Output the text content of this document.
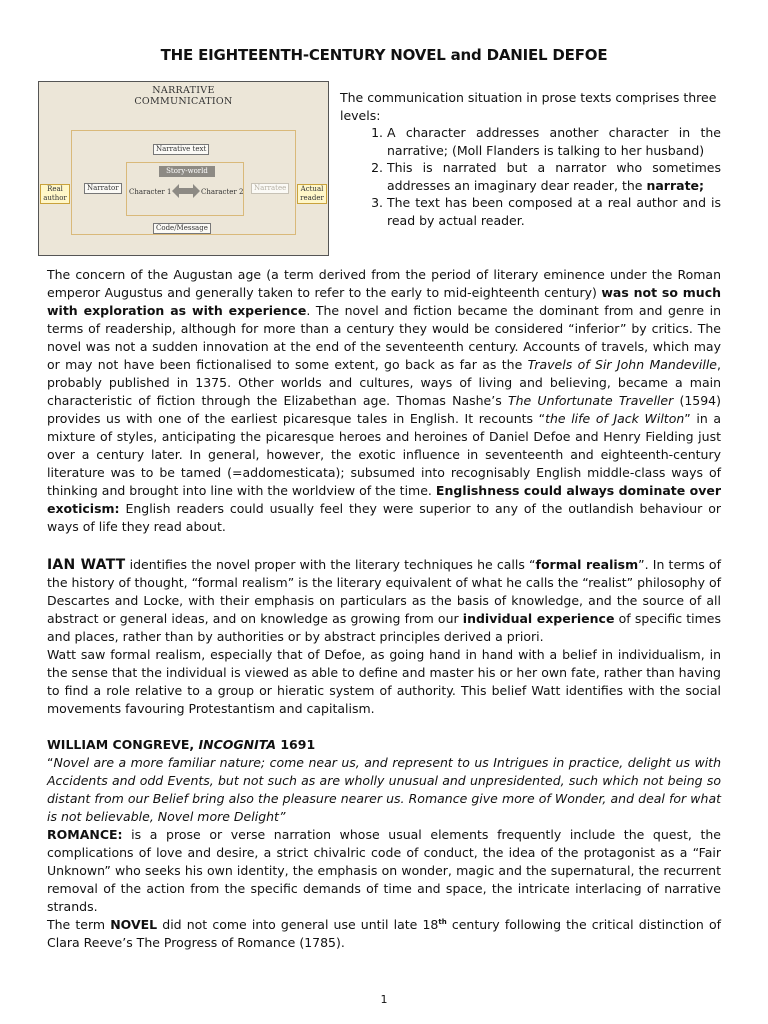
THE EIGHTEENTH-CENTURY NOVEL and DANIEL DEFOE
NARRATIVE
COMMUNICATION
Narrative text
Story-world
Character 1	Character 2
Narrator	Narratee
Real
author
Actual
reader
Code/Message

The communication situation in prose texts comprises three levels:

1. A character addresses another character in the narrative; (Moll Flanders is talking to her husband)
2. This is narrated but a narrator who sometimes addresses an imaginary dear reader, the narrate;
3. The text has been composed at a real author and is read by actual reader.

The concern of the Augustan age (a term derived from the period of literary eminence under the Roman emperor Augustus and generally taken to refer to the early to mid-eighteenth century) was not so much with exploration as with experience. The novel and fiction became the dominant from and genre in terms of readership, although for more than a century they would be considered “inferior” by critics. The novel was not a sudden innovation at the end of the seventeenth century. Accounts of travels, which may or may not have been fictionalised to some extent, go back as far as the Travels of Sir John Mandeville, probably published in 1375. Other worlds and cultures, ways of living and believing, became a main characteristic of fiction through the Elizabethan age. Thomas Nashe’s The Unfortunate Traveller (1594) provides us with one of the earliest picaresque tales in English. It recounts “the life of Jack Wilton” in a mixture of styles, anticipating the picaresque heroes and heroines of Daniel Defoe and Henry Fielding just over a century later. In general, however, the exotic influence in seventeenth and eighteenth-century literature was to be tamed (=addomesticata); subsumed into recognisably English middle-class ways of thinking and brought into line with the worldview of the time. Englishness could always dominate over exoticism: English readers could usually feel they were superior to any of the outlandish behaviour or ways of life they read about.

IAN WATT identifies the novel proper with the literary techniques he calls “formal realism”. In terms of the history of thought, “formal realism” is the literary equivalent of what he calls the “realist” philosophy of Descartes and Locke, with their emphasis on particulars as the basis of knowledge, and the source of all abstract or general ideas, and on knowledge as growing from our individual experience of specific times and places, rather than by authorities or by abstract principles derived a priori.

Watt saw formal realism, especially that of Defoe, as going hand in hand with a belief in individualism, in the sense that the individual is viewed as able to define and master his or her own fate, rather than having to find a role relative to a group or hieratic system of authority. This belief Watt identifies with the social movements favouring Protestantism and capitalism.

WILLIAM CONGREVE, INCOGNITA 1691

“Novel are a more familiar nature; come near us, and represent to us Intrigues in practice, delight us with Accidents and odd Events, but not such as are wholly unusual and unpresidented, such which not being so distant from our Belief bring also the pleasure nearer us. Romance give more of Wonder, and deal for what is not believable, Novel more Delight”

ROMANCE: is a prose or verse narration whose usual elements frequently include the quest, the complications of love and desire, a strict chivalric code of conduct, the idea of the protagonist as a “Fair Unknown” who seeks his own identity, the emphasis on wonder, magic and the supernatural, the recurrent removal of the action from the specific demands of time and space, the intricate interlacing of narrative strands.

The term NOVEL did not come into general use until late 18th century following the critical distinction of Clara Reeve’s The Progress of Romance (1785).

1
